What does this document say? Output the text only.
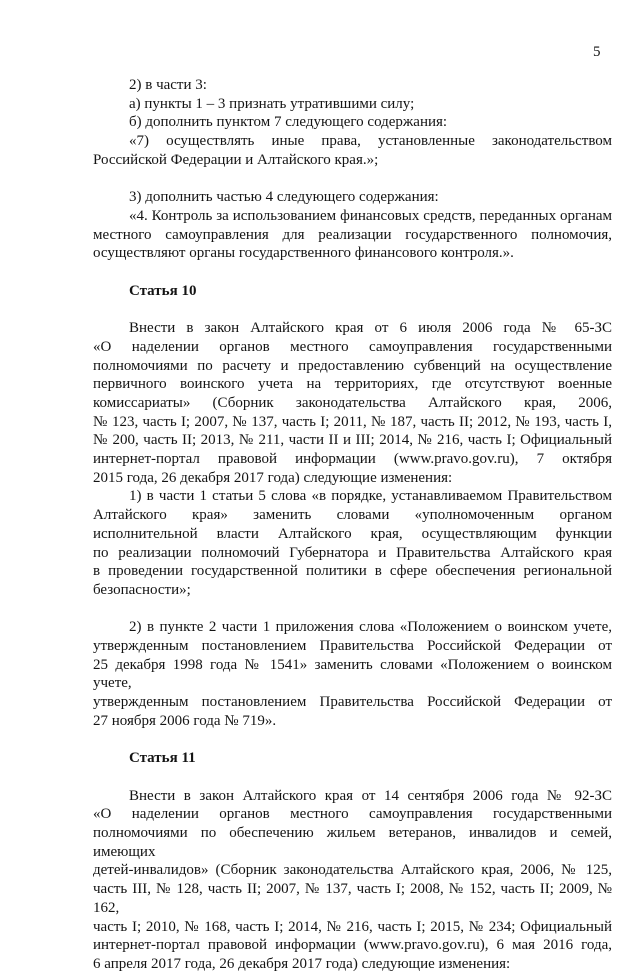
5

2) в части 3:

а) пункты 1 – 3 признать утратившими силу;

б) дополнить пунктом 7 следующего содержания:

«7) осуществлять иные права, установленные законодательством

Российской Федерации и Алтайского края.»;

3) дополнить частью 4 следующего содержания:

«4. Контроль за использованием финансовых средств, переданных органам

местного самоуправления для реализации государственного полномочия,

осуществляют органы государственного финансового контроля.».

Статья 10

Внести в закон Алтайского края от 6 июля 2006 года № 65-ЗС

«О наделении органов местного самоуправления государственными

полномочиями по расчету и предоставлению субвенций на осуществление

первичного воинского учета на территориях, где отсутствуют военные

комиссариаты» (Сборник законодательства Алтайского края, 2006,

№ 123, часть I; 2007, № 137, часть I; 2011, № 187, часть II; 2012, № 193, часть I,

№ 200, часть II; 2013, № 211, части II и III; 2014, № 216, часть I; Официальный

интернет-портал правовой информации (www.pravo.gov.ru), 7 октября

2015 года, 26 декабря 2017 года) следующие изменения:

1) в части 1 статьи 5 слова «в порядке, устанавливаемом Правительством

Алтайского края» заменить словами «уполномоченным органом

исполнительной власти Алтайского края, осуществляющим функции

по реализации полномочий Губернатора и Правительства Алтайского края

в проведении государственной политики в сфере обеспечения региональной

безопасности»;

2) в пункте 2 части 1 приложения слова «Положением о воинском учете,

утвержденным постановлением Правительства Российской Федерации от

25 декабря 1998 года № 1541» заменить словами «Положением о воинском учете,

утвержденным постановлением Правительства Российской Федерации от

27 ноября 2006 года № 719».

Статья 11

Внести в закон Алтайского края от 14 сентября 2006 года № 92-ЗС

«О наделении органов местного самоуправления государственными

полномочиями по обеспечению жильем ветеранов, инвалидов и семей, имеющих

детей-инвалидов» (Сборник законодательства Алтайского края, 2006, № 125,

часть III, № 128, часть II; 2007, № 137, часть I; 2008, № 152, часть II; 2009, № 162,

часть I; 2010, № 168, часть I; 2014, № 216, часть I; 2015, № 234; Официальный

интернет-портал правовой информации (www.pravo.gov.ru), 6 мая 2016 года,

6 апреля 2017 года, 26 декабря 2017 года) следующие изменения:
